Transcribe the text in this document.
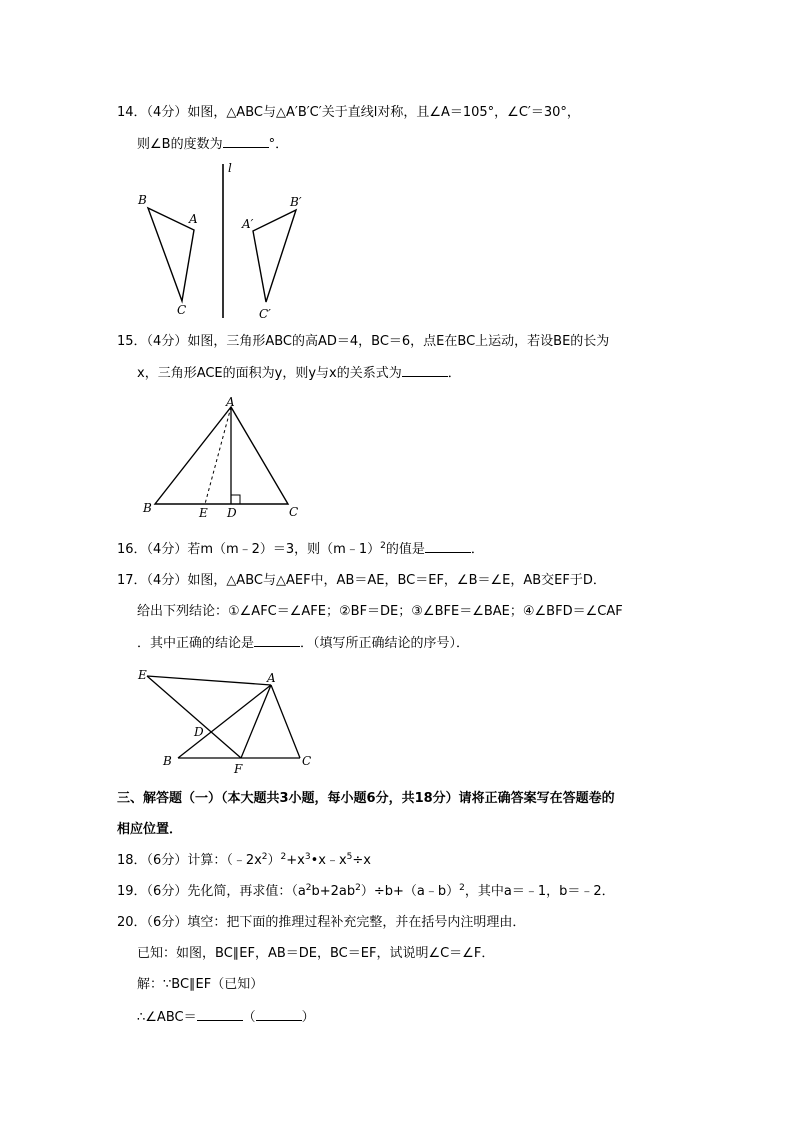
14．（4分）如图，△ABC与△A′B′C′关于直线l对称，且∠A＝105°，∠C′＝30°，
则∠B的度数为	°．
l
B
A
C
A′
B′
C′
15．（4分）如图，三角形ABC的高AD＝4，BC＝6，点E在BC上运动，若设BE的长为
x，三角形ACE的面积为y，则y与x的关系式为	．
A
B	E D	C
16．（4分）若m（m﹣2）＝3，则（m﹣1）$^2$的值是	．
17．（4分）如图，△ABC与△AEF中，AB＝AE，BC＝EF，∠B＝∠E，AB交EF于D．
给出下列结论：①∠AFC＝∠AFE；②BF＝DE；③∠BFE＝∠BAE；④∠BFD＝∠CAF
．其中正确的结论是	．（填写所正确结论的序号）．
E	A
D
B
F
C
三、解答题（一）（本大题共3小题，每小题6分，共18分）请将正确答案写在答题卷的
相应位置．
18．（6分）计算：$(﹣2x^2)^2+x^3•x﹣x^5\div x$
19．（6分）先化简，再求值：$(a^2b+2ab^2)\div b+(a﹣b)^2$，其中a＝﹣1，b＝﹣2．
20．（6分）填空：把下面的推理过程补充完整，并在括号内注明理由．
已知：如图，BC∥EF，AB＝DE，BC＝EF，试说明∠C＝∠F．
解：∵BC∥EF（已知）
∴∠ABC＝	（	）
